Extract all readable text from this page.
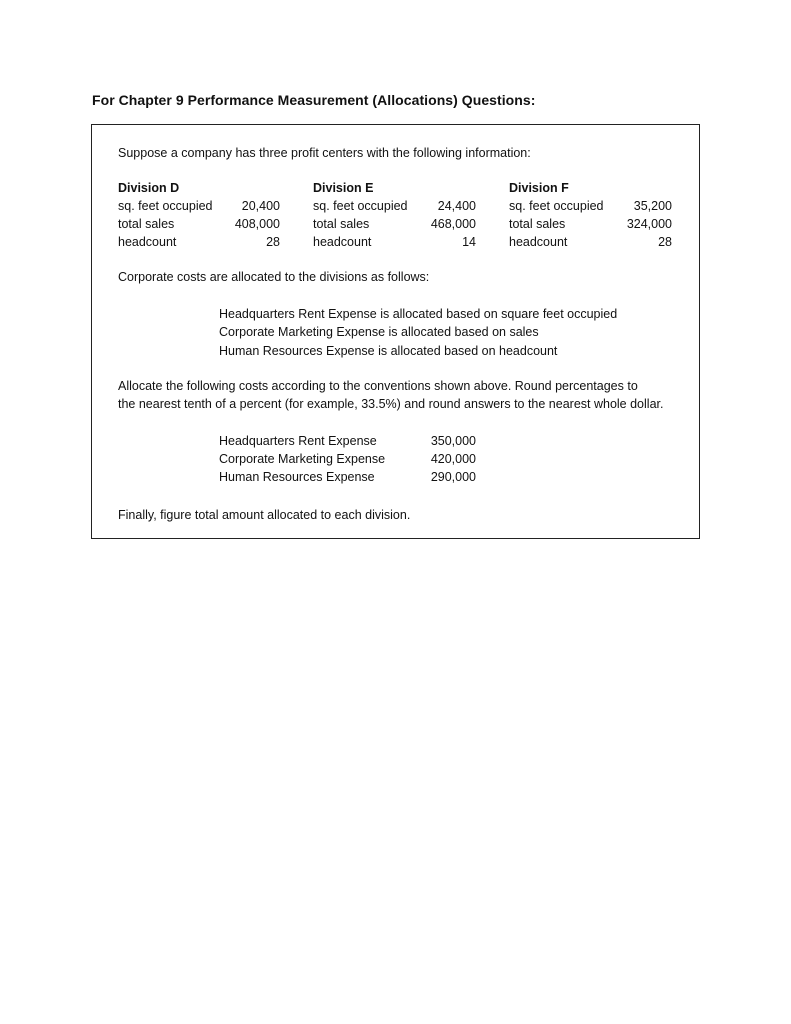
For Chapter 9 Performance Measurement (Allocations) Questions:
Suppose a company has three profit centers with the following information:
Division D
sq. feet occupied	20,400
total sales	408,000
headcount	28
Division E
sq. feet occupied	24,400
total sales	468,000
headcount	14
Division F
sq. feet occupied	35,200
total sales	324,000
headcount	28
Corporate costs are allocated to the divisions as follows:
Headquarters Rent Expense is allocated based on square feet occupied
Corporate Marketing Expense is allocated based on sales
Human Resources Expense is allocated based on headcount
Allocate the following costs according to the conventions shown above. Round percentages to
the nearest tenth of a percent (for example, 33.5%) and round answers to the nearest whole dollar.
Headquarters Rent Expense	350,000
Corporate Marketing Expense	420,000
Human Resources Expense	290,000
Finally, figure total amount allocated to each division.
